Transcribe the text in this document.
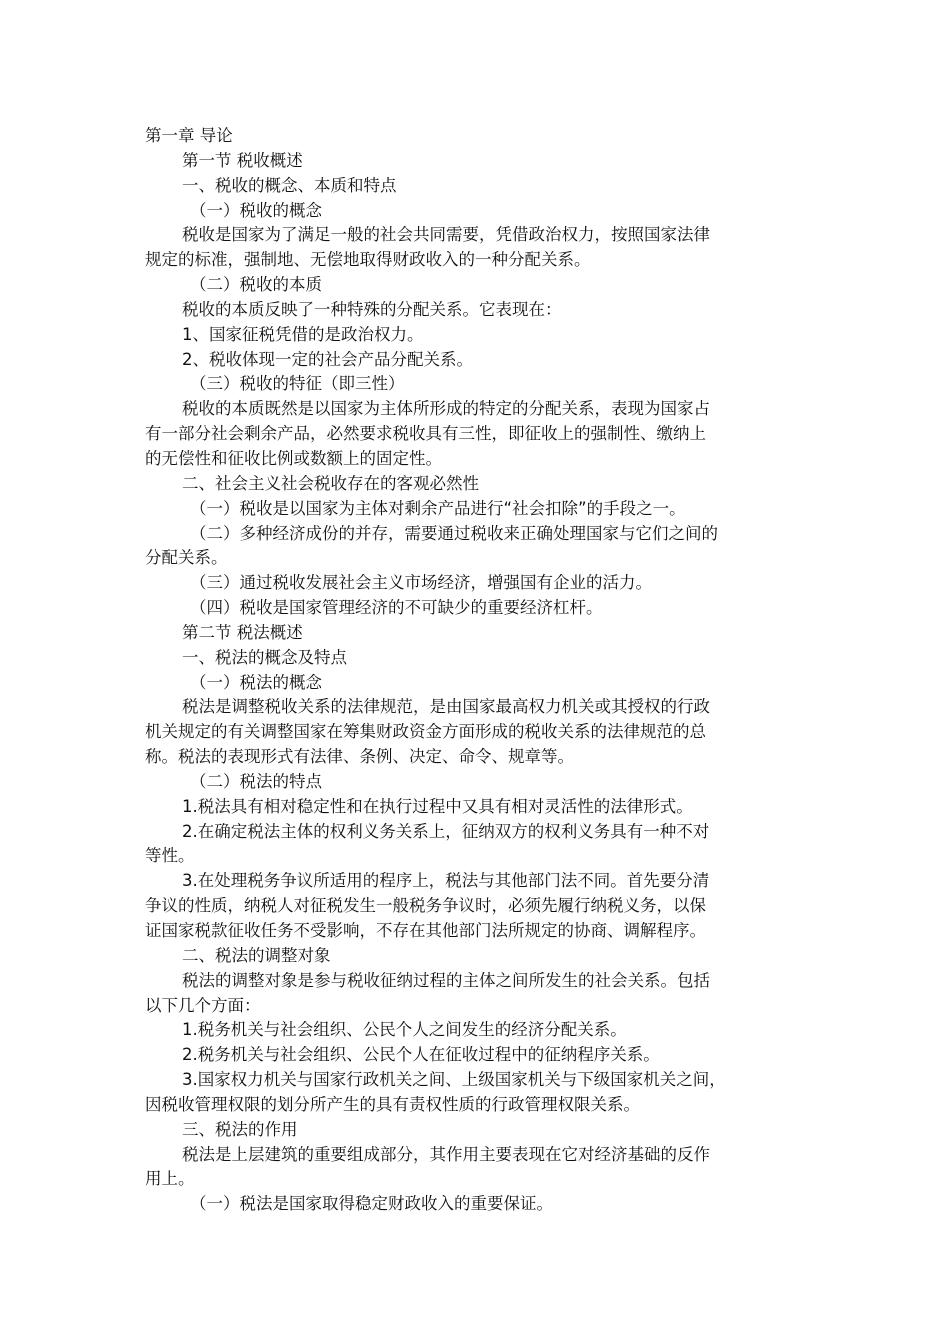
第一章 导论
第一节 税收概述
一、税收的概念、本质和特点
（一）税收的概念
税收是国家为了满足一般的社会共同需要，凭借政治权力，按照国家法律
规定的标准，强制地、无偿地取得财政收入的一种分配关系。
（二）税收的本质
税收的本质反映了一种特殊的分配关系。它表现在：
1、国家征税凭借的是政治权力。
2、税收体现一定的社会产品分配关系。
（三）税收的特征（即三性）
税收的本质既然是以国家为主体所形成的特定的分配关系，表现为国家占
有一部分社会剩余产品，必然要求税收具有三性，即征收上的强制性、缴纳上
的无偿性和征收比例或数额上的固定性。
二、社会主义社会税收存在的客观必然性
（一）税收是以国家为主体对剩余产品进行“社会扣除”的手段之一。
（二）多种经济成份的并存，需要通过税收来正确处理国家与它们之间的
分配关系。
（三）通过税收发展社会主义市场经济，增强国有企业的活力。
（四）税收是国家管理经济的不可缺少的重要经济杠杆。
第二节 税法概述
一、税法的概念及特点
（一）税法的概念
税法是调整税收关系的法律规范，是由国家最高权力机关或其授权的行政
机关规定的有关调整国家在筹集财政资金方面形成的税收关系的法律规范的总
称。税法的表现形式有法律、条例、决定、命令、规章等。
（二）税法的特点
1.税法具有相对稳定性和在执行过程中又具有相对灵活性的法律形式。
2.在确定税法主体的权利义务关系上，征纳双方的权利义务具有一种不对
等性。
3.在处理税务争议所适用的程序上，税法与其他部门法不同。首先要分清
争议的性质，纳税人对征税发生一般税务争议时，必须先履行纳税义务，以保
证国家税款征收任务不受影响，不存在其他部门法所规定的协商、调解程序。
二、税法的调整对象
税法的调整对象是参与税收征纳过程的主体之间所发生的社会关系。包括
以下几个方面：
1.税务机关与社会组织、公民个人之间发生的经济分配关系。
2.税务机关与社会组织、公民个人在征收过程中的征纳程序关系。
3.国家权力机关与国家行政机关之间、上级国家机关与下级国家机关之间，
因税收管理权限的划分所产生的具有责权性质的行政管理权限关系。
三、税法的作用
税法是上层建筑的重要组成部分，其作用主要表现在它对经济基础的反作
用上。
（一）税法是国家取得稳定财政收入的重要保证。
